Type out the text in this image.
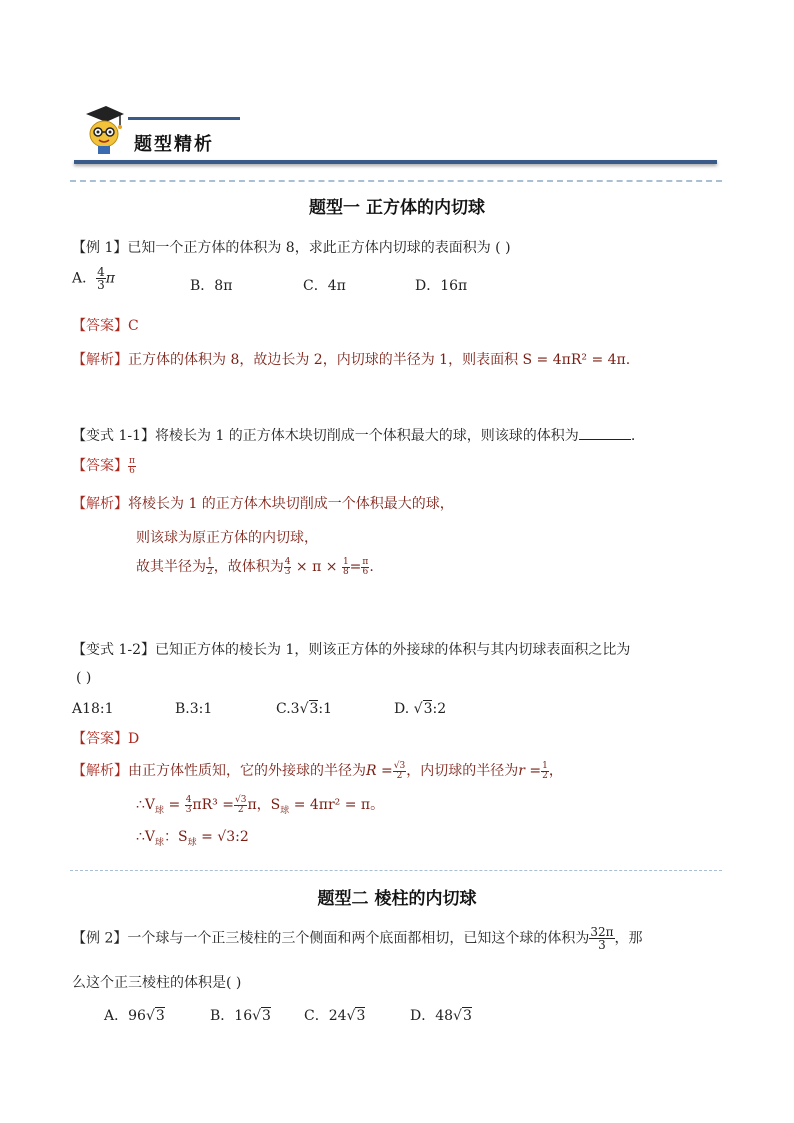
题型精析
题型一 正方体的内切球
【例 1】已知一个正方体的体积为 8，求此正方体内切球的表面积为 ( )
A． $\frac{4}{3}$ π	B．8π	C．4π	D．16π
【答案】C
【解析】正方体的体积为 8，故边长为 2，内切球的半径为 1，则表面积 S = 4πR² = 4π.
【变式 1-1】将棱长为 1 的正方体木块切削成一个体积最大的球，则该球的体积为	.
【答案】 $\frac{\pi}{6}$
【解析】将棱长为 1 的正方体木块切削成一个体积最大的球，
则该球为原正方体的内切球，
故其半径为 $\frac{1}{2}$ ，故体积为 $\frac{4}{3} \times \pi \times \frac{1}{8} = \frac{\pi}{6}$ .
【变式 1-2】已知正方体的棱长为 1，则该正方体的外接球的体积与其内切球表面积之比为
( )
A18:1	B.3:1	C.3√3:1	D. √3:2
【答案】D
【解析】由正方体性质知，它的外接球的半径为$R = \frac{√3}{2}$ ，内切球的半径为$r = \frac{1}{2}$ ，
$\therefore V_球 = \frac{4}{3} \pi R^3 = \frac{√3}{2}$ π，$S_球 = 4\pi r^2 = \pi$。
$\therefore V_球$：$S_球$ = √3:2
题型二 棱柱的内切球
【例 2】一个球与一个正三棱柱的三个侧面和两个底面都相切，已知这个球的体积为 $\frac{32\pi}{3}$ ，那
么这个正三棱柱的体积是( )
A．96√3	B．16√3 C．24√3	D．48√3
